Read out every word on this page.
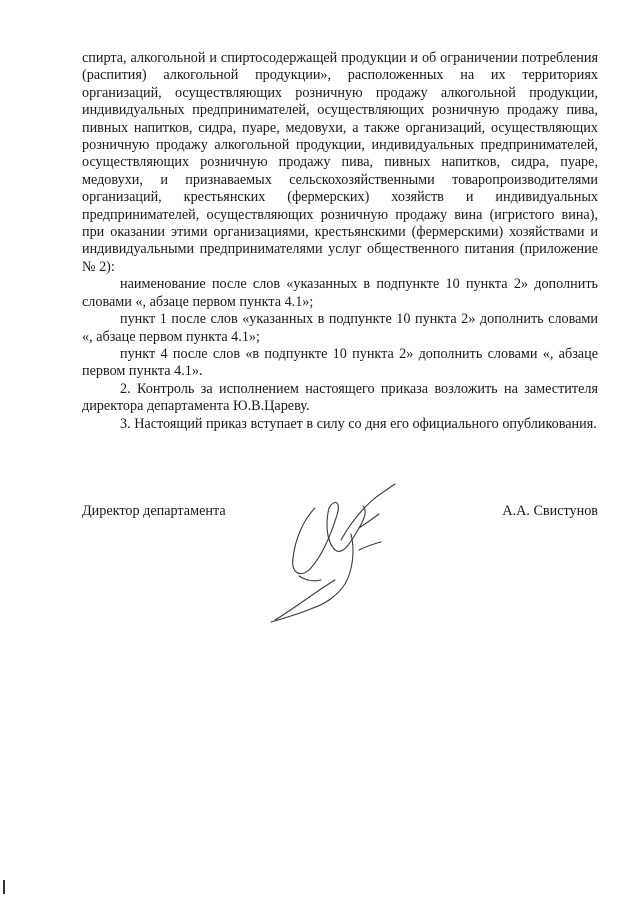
спирта, алкогольной и спиртосодержащей продукции и об ограничении потребления (распития) алкогольной продукции», расположенных на их территориях организаций, осуществляющих розничную продажу алкогольной продукции, индивидуальных предпринимателей, осуществляющих розничную продажу пива, пивных напитков, сидра, пуаре, медовухи, а также организаций, осуществляющих розничную продажу алкогольной продукции, индивидуальных предпринимателей, осуществляющих розничную продажу пива, пивных напитков, сидра, пуаре, медовухи, и признаваемых сельскохозяйственными товаропроизводителями организаций, крестьянских (фермерских) хозяйств и индивидуальных предпринимателей, осуществляющих розничную продажу вина (игристого вина), при оказании этими организациями, крестьянскими (фермерскими) хозяйствами и индивидуальными предпринимателями услуг общественного питания (приложение № 2):

наименование после слов «указанных в подпункте 10 пункта 2» дополнить словами «, абзаце первом пункта 4.1»;

пункт 1 после слов «указанных в подпункте 10 пункта 2» дополнить словами «, абзаце первом пункта 4.1»;

пункт 4 после слов «в подпункте 10 пункта 2» дополнить словами «, абзаце первом пункта 4.1».

2. Контроль за исполнением настоящего приказа возложить на заместителя директора департамента Ю.В.Цареву.

3. Настоящий приказ вступает в силу со дня его официального опубликования.

Директор департамента	А.А. Свистунов
